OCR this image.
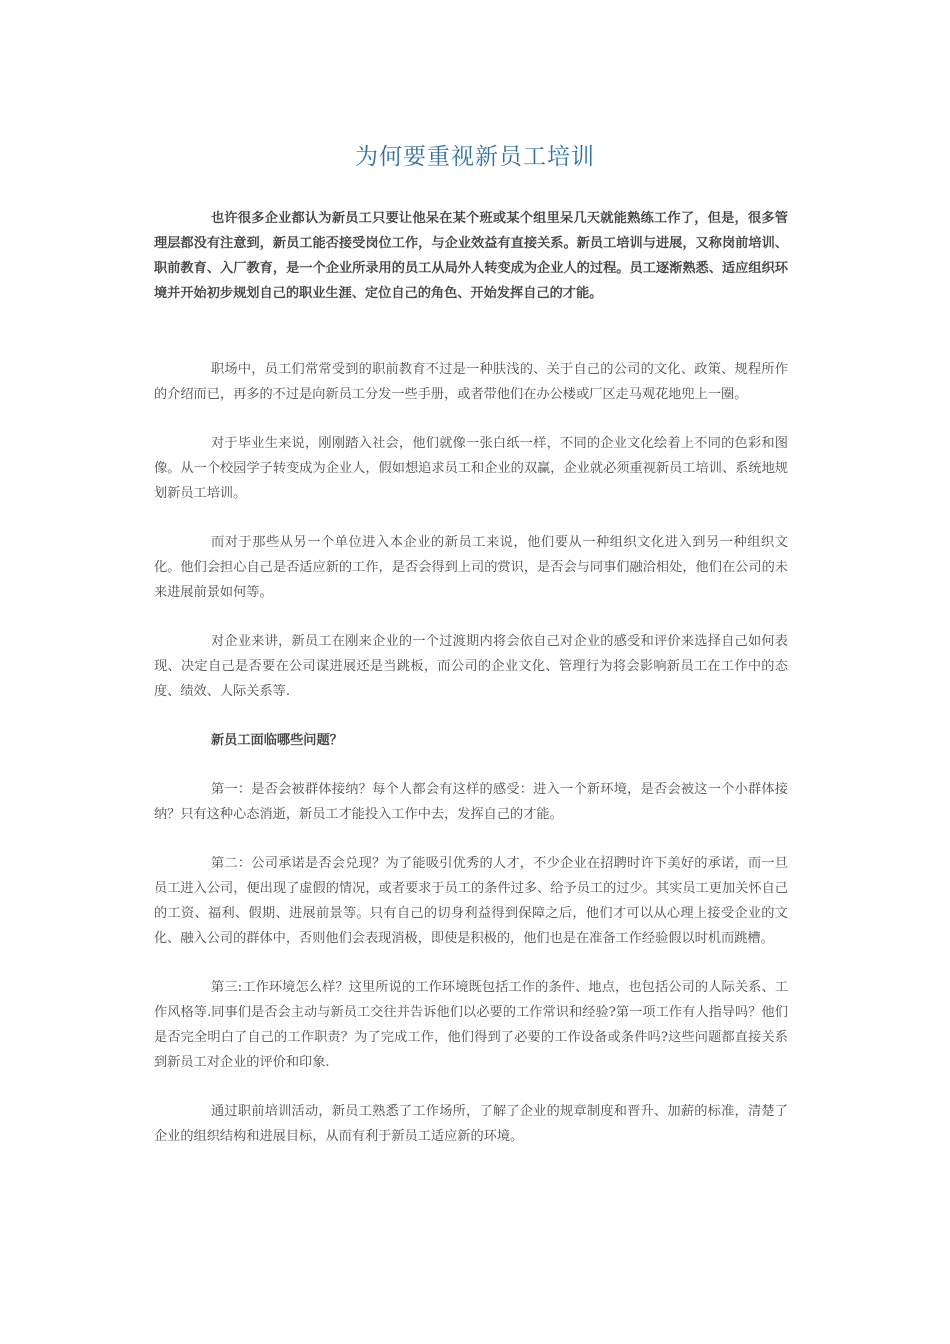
为何要重视新员工培训

也许很多企业都认为新员工只要让他呆在某个班或某个组里呆几天就能熟练工作了，但是，很多管理层都没有注意到，新员工能否接受岗位工作，与企业效益有直接关系。新员工培训与进展，又称岗前培训、职前教育、入厂教育，是一个企业所录用的员工从局外人转变成为企业人的过程。员工逐渐熟悉、适应组织环境并开始初步规划自己的职业生涯、定位自己的角色、开始发挥自己的才能。

职场中，员工们常常受到的职前教育不过是一种肤浅的、关于自己的公司的文化、政策、规程所作的介绍而已，再多的不过是向新员工分发一些手册，或者带他们在办公楼或厂区走马观花地兜上一圈。

对于毕业生来说，刚刚踏入社会，他们就像一张白纸一样，不同的企业文化绘着上不同的色彩和图像。从一个校园学子转变成为企业人，假如想追求员工和企业的双赢，企业就必须重视新员工培训、系统地规划新员工培训。

而对于那些从另一个单位进入本企业的新员工来说，他们要从一种组织文化进入到另一种组织文化。他们会担心自己是否适应新的工作，是否会得到上司的赏识，是否会与同事们融洽相处，他们在公司的未来进展前景如何等。

对企业来讲，新员工在刚来企业的一个过渡期内将会依自己对企业的感受和评价来选择自己如何表现、决定自己是否要在公司谋进展还是当跳板，而公司的企业文化、管理行为将会影响新员工在工作中的态度、绩效、人际关系等.

新员工面临哪些问题？

第一：是否会被群体接纳？每个人都会有这样的感受：进入一个新环境，是否会被这一个小群体接纳？只有这种心态消逝，新员工才能投入工作中去，发挥自己的才能。

第二：公司承诺是否会兑现？为了能吸引优秀的人才，不少企业在招聘时许下美好的承诺，而一旦员工进入公司，便出现了虚假的情况，或者要求于员工的条件过多、给予员工的过少。其实员工更加关怀自己的工资、福利、假期、进展前景等。只有自己的切身利益得到保障之后，他们才可以从心理上接受企业的文化、融入公司的群体中，否则他们会表现消极，即使是积极的，他们也是在准备工作经验假以时机而跳槽。

第三:工作环境怎么样？这里所说的工作环境既包括工作的条件、地点，也包括公司的人际关系、工作风格等.同事们是否会主动与新员工交往并告诉他们以必要的工作常识和经验?第一项工作有人指导吗？他们是否完全明白了自己的工作职责？为了完成工作，他们得到了必要的工作设备或条件吗?这些问题都直接关系到新员工对企业的评价和印象.

通过职前培训活动，新员工熟悉了工作场所，了解了企业的规章制度和晋升、加薪的标准，清楚了企业的组织结构和进展目标，从而有利于新员工适应新的环境。
